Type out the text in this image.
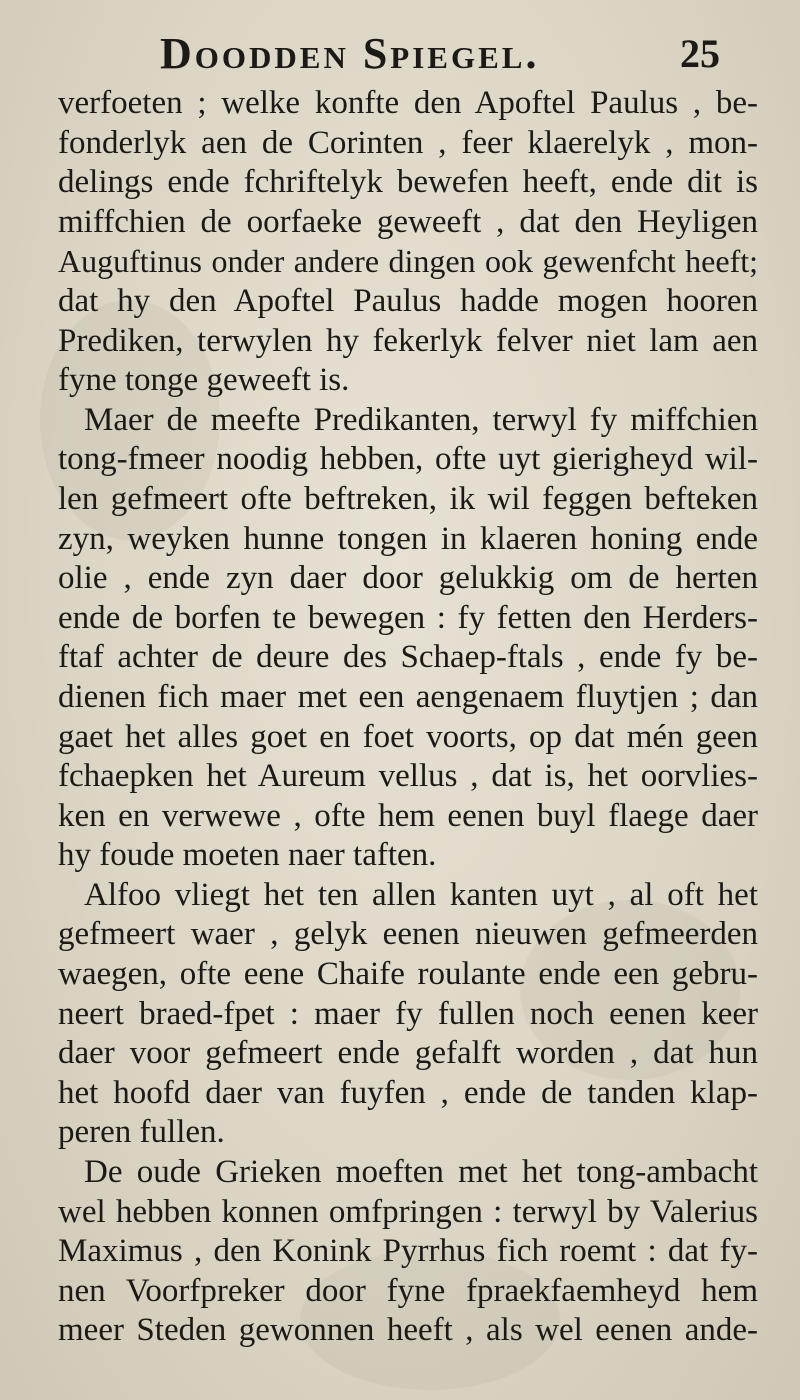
Doodden Spiegel.	25
verfoeten ; welke konfte den Apoftel Paulus , be-
fonderlyk aen de Corinten , feer klaerelyk , mon-
delings ende fchriftelyk bewefen heeft, ende dit is
miffchien de oorfaeke geweeft , dat den Heyligen
Auguftinus onder andere dingen ook gewenfcht heeft;
dat hy den Apoftel Paulus hadde mogen hooren
Prediken, terwylen hy fekerlyk felver niet lam aen
fyne tonge geweeft is.
Maer de meefte Predikanten, terwyl fy miffchien
tong-fmeer noodig hebben, ofte uyt gierigheyd wil-
len gefmeert ofte beftreken, ik wil feggen befteken
zyn, weyken hunne tongen in klaeren honing ende
olie , ende zyn daer door gelukkig om de herten
ende de borfen te bewegen : fy fetten den Herders-
ftaf achter de deure des Schaep-ftals , ende fy be-
dienen fich maer met een aengenaem fluytjen ; dan
gaet het alles goet en foet voorts, op dat mén geen
fchaepken het Aureum vellus , dat is, het oorvlies-
ken en verwewe , ofte hem eenen buyl flaege daer
hy foude moeten naer taften.
Alfoo vliegt het ten allen kanten uyt , al oft het
gefmeert waer , gelyk eenen nieuwen gefmeerden
waegen, ofte eene Chaife roulante ende een gebru-
neert braed-fpet : maer fy fullen noch eenen keer
daer voor gefmeert ende gefalft worden , dat hun
het hoofd daer van fuyfen , ende de tanden klap-
peren fullen.
De oude Grieken moeften met het tong-ambacht
wel hebben konnen omfpringen : terwyl by Valerius
Maximus , den Konink Pyrrhus fich roemt : dat fy-
nen Voorfpreker door fyne fpraekfaemheyd hem
meer Steden gewonnen heeft , als wel eenen ande-
